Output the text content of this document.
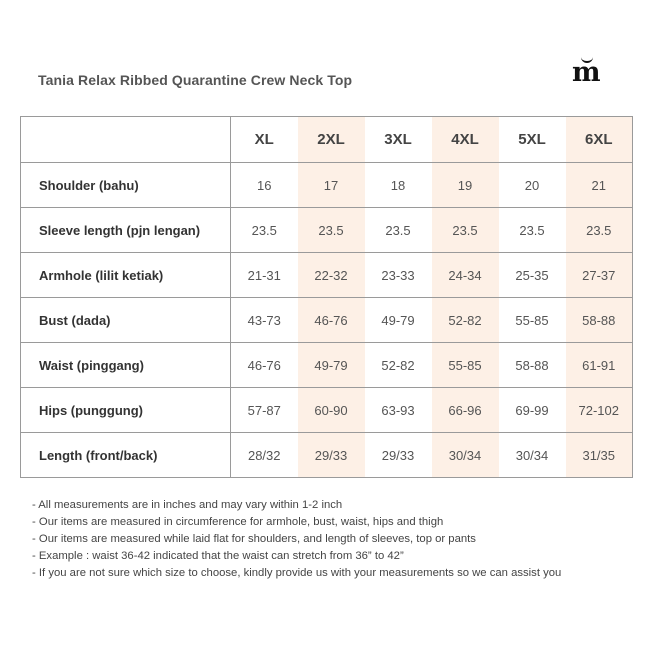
Tania Relax Ribbed Quarantine Crew Neck Top	m
	XL	2XL	3XL	4XL	5XL	6XL
Shoulder (bahu)	16	17	18	19	20	21
Sleeve length (pjn lengan)	23.5	23.5	23.5	23.5	23.5	23.5
Armhole (lilit ketiak)	21-31	22-32	23-33	24-34	25-35	27-37
Bust (dada)	43-73	46-76	49-79	52-82	55-85	58-88
Waist (pinggang)	46-76	49-79	52-82	55-85	58-88	61-91
Hips (punggung)	57-87	60-90	63-93	66-96	69-99	72-102
Length (front/back)	28/32	29/33	29/33	30/34	30/34	31/35
- All measurements are in inches and may vary within 1-2 inch
- Our items are measured in circumference for armhole, bust, waist, hips and thigh
- Our items are measured while laid flat for shoulders, and length of sleeves, top or pants
- Example : waist 36-42 indicated that the waist can stretch from 36” to 42”
- If you are not sure which size to choose, kindly provide us with your measurements so we can assist you
